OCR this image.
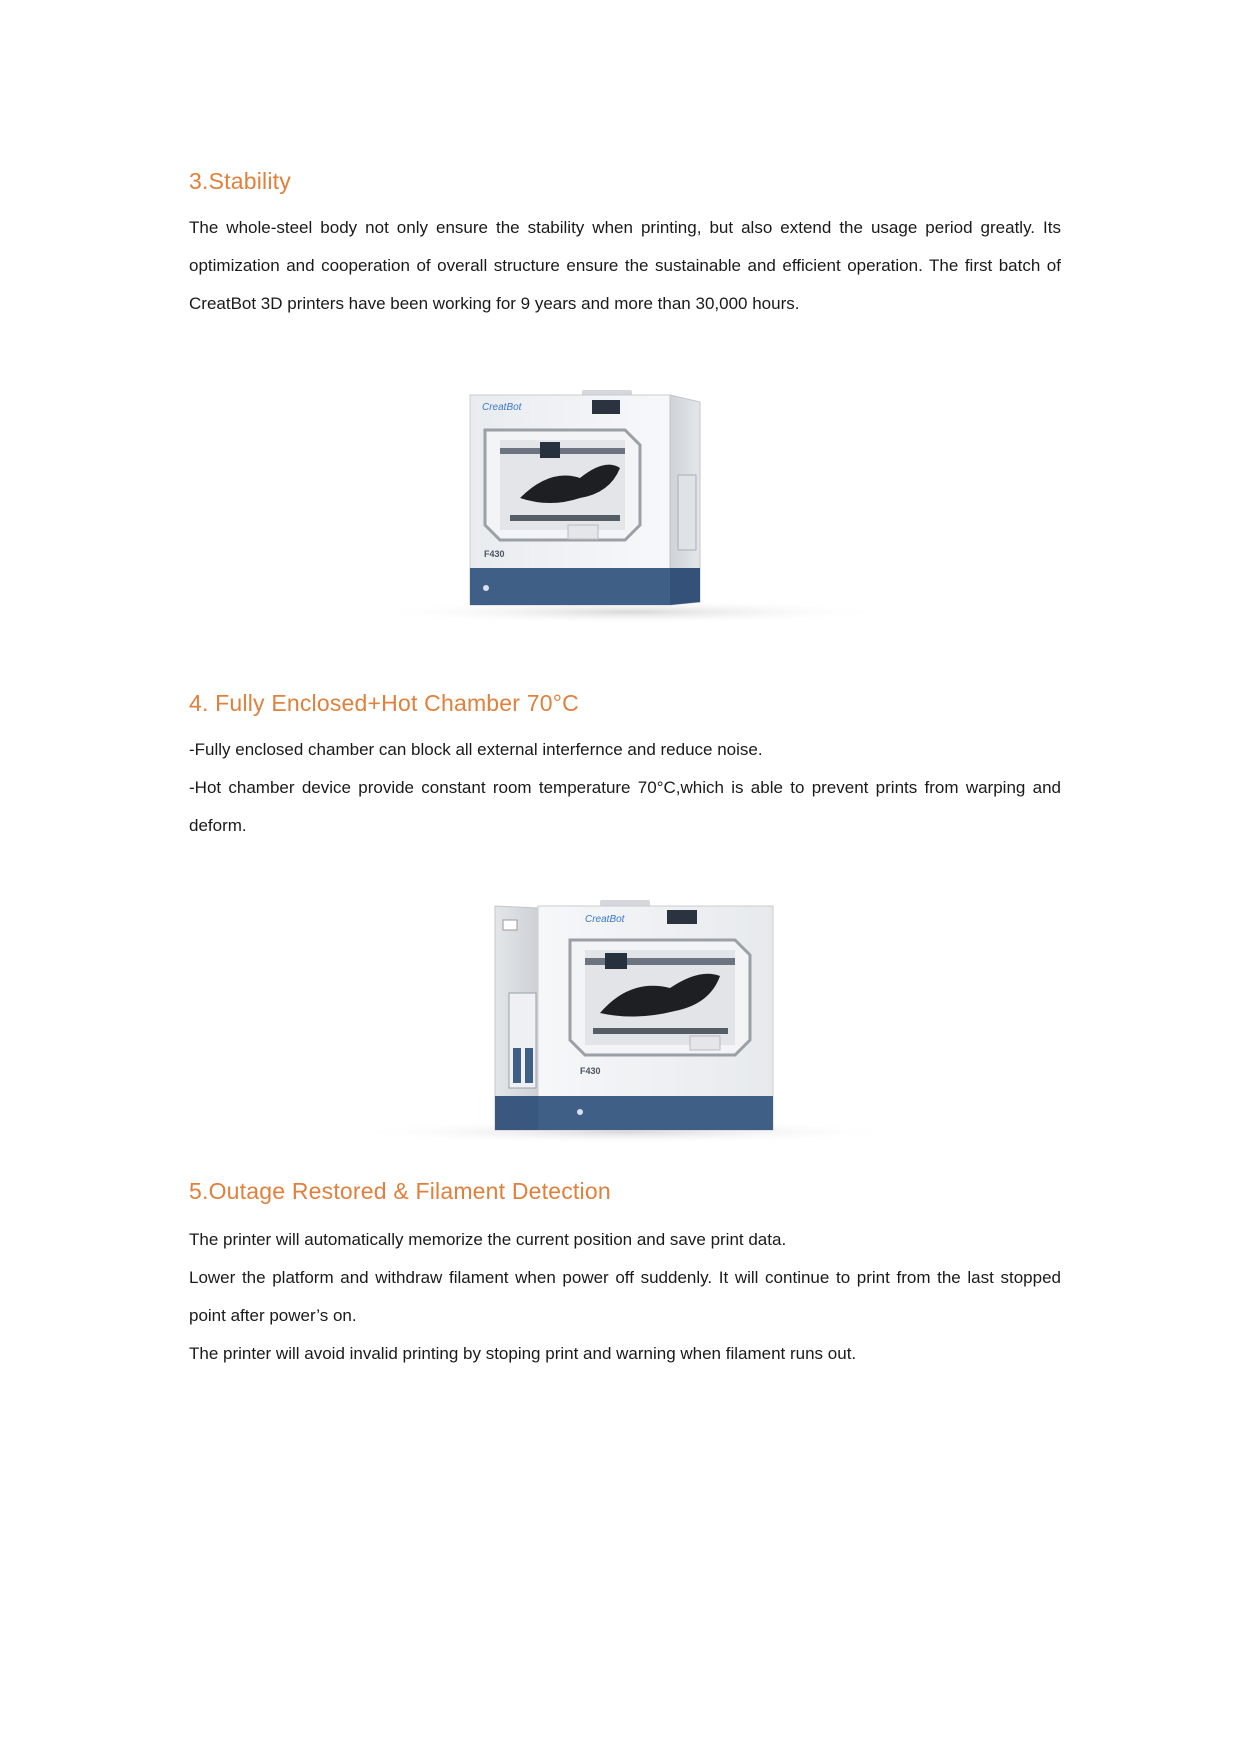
3.Stability

The whole-steel body not only ensure the stability when printing, but also extend the usage period greatly. Its optimization and cooperation of overall structure ensure the sustainable and efficient operation. The first batch of CreatBot 3D printers have been working for 9 years and more than 30,000 hours.

CreatBot
F430
4. Fully Enclosed+Hot Chamber 70°C

-Fully enclosed chamber can block all external interfernce and reduce noise.

-Hot chamber device provide constant room temperature 70°C,which is able to prevent prints from warping and deform.

CreatBot
F430
5.Outage Restored & Filament Detection

The printer will automatically memorize the current position and save print data.

Lower the platform and withdraw filament when power off suddenly. It will continue to print from the last stopped point after power’s on.

The printer will avoid invalid printing by stoping print and warning when filament runs out.
